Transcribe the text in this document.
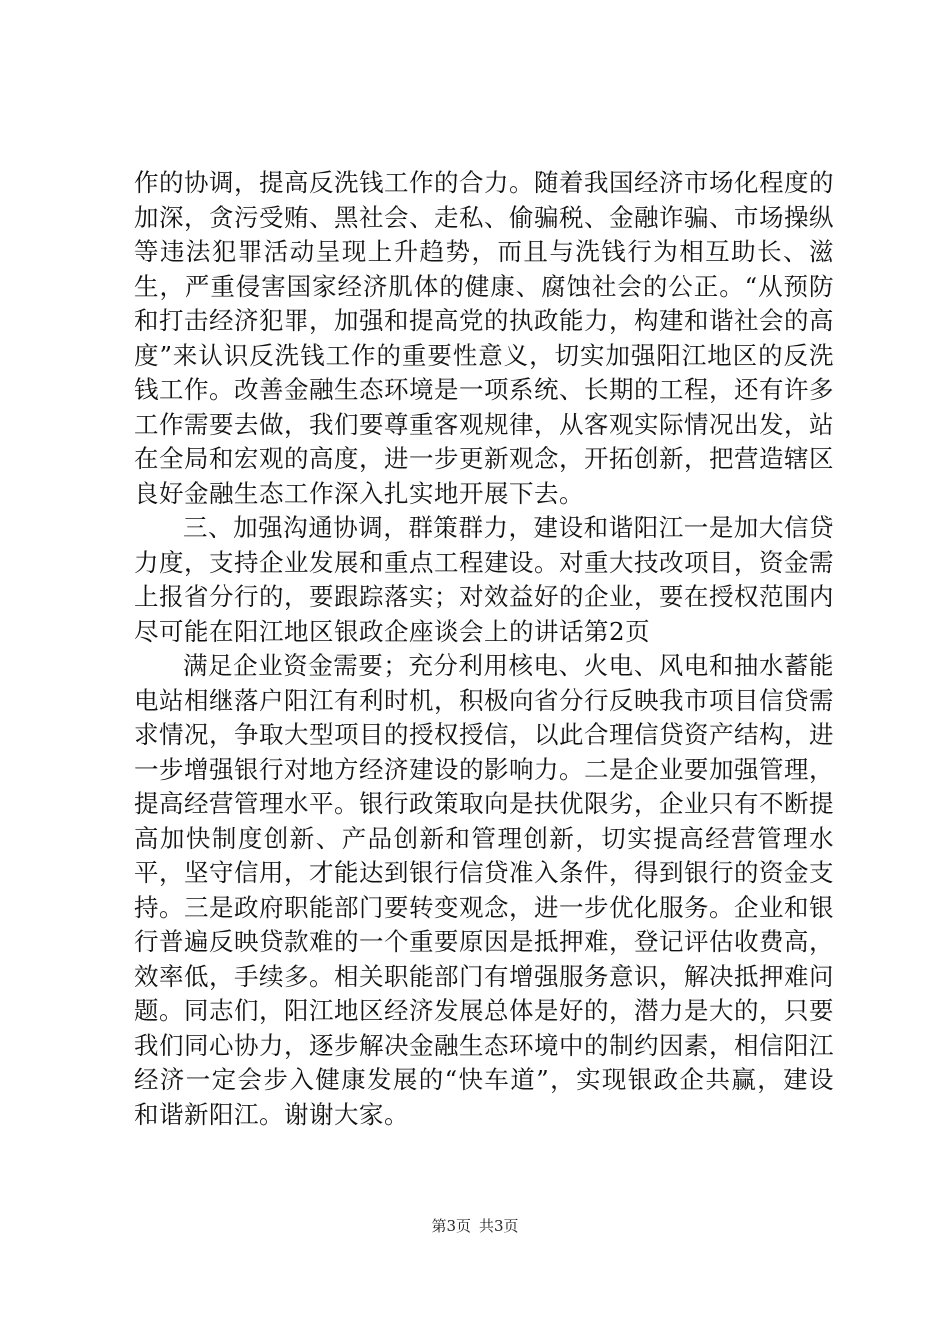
作的协调，提高反洗钱工作的合力。随着我国经济市场化程度的加深，贪污受贿、黑社会、走私、偷骗税、金融诈骗、市场操纵等违法犯罪活动呈现上升趋势，而且与洗钱行为相互助长、滋生，严重侵害国家经济肌体的健康、腐蚀社会的公正。“从预防和打击经济犯罪，加强和提高党的执政能力，构建和谐社会的高度”来认识反洗钱工作的重要性意义，切实加强阳江地区的反洗钱工作。改善金融生态环境是一项系统、长期的工程，还有许多工作需要去做，我们要尊重客观规律，从客观实际情况出发，站在全局和宏观的高度，进一步更新观念，开拓创新，把营造辖区良好金融生态工作深入扎实地开展下去。

三、加强沟通协调，群策群力，建设和谐阳江一是加大信贷力度，支持企业发展和重点工程建设。对重大技改项目，资金需上报省分行的，要跟踪落实；对效益好的企业，要在授权范围内尽可能在阳江地区银政企座谈会上的讲话第2页

满足企业资金需要；充分利用核电、火电、风电和抽水蓄能电站相继落户阳江有利时机，积极向省分行反映我市项目信贷需求情况，争取大型项目的授权授信，以此合理信贷资产结构，进一步增强银行对地方经济建设的影响力。二是企业要加强管理，提高经营管理水平。银行政策取向是扶优限劣，企业只有不断提高加快制度创新、产品创新和管理创新，切实提高经营管理水平，坚守信用，才能达到银行信贷准入条件，得到银行的资金支持。三是政府职能部门要转变观念，进一步优化服务。企业和银行普遍反映贷款难的一个重要原因是抵押难，登记评估收费高，效率低，手续多。相关职能部门有增强服务意识，解决抵押难问题。同志们，阳江地区经济发展总体是好的，潜力是大的，只要我们同心协力，逐步解决金融生态环境中的制约因素，相信阳江经济一定会步入健康发展的“快车道”，实现银政企共赢，建设和谐新阳江。谢谢大家。

第3页 共3页
